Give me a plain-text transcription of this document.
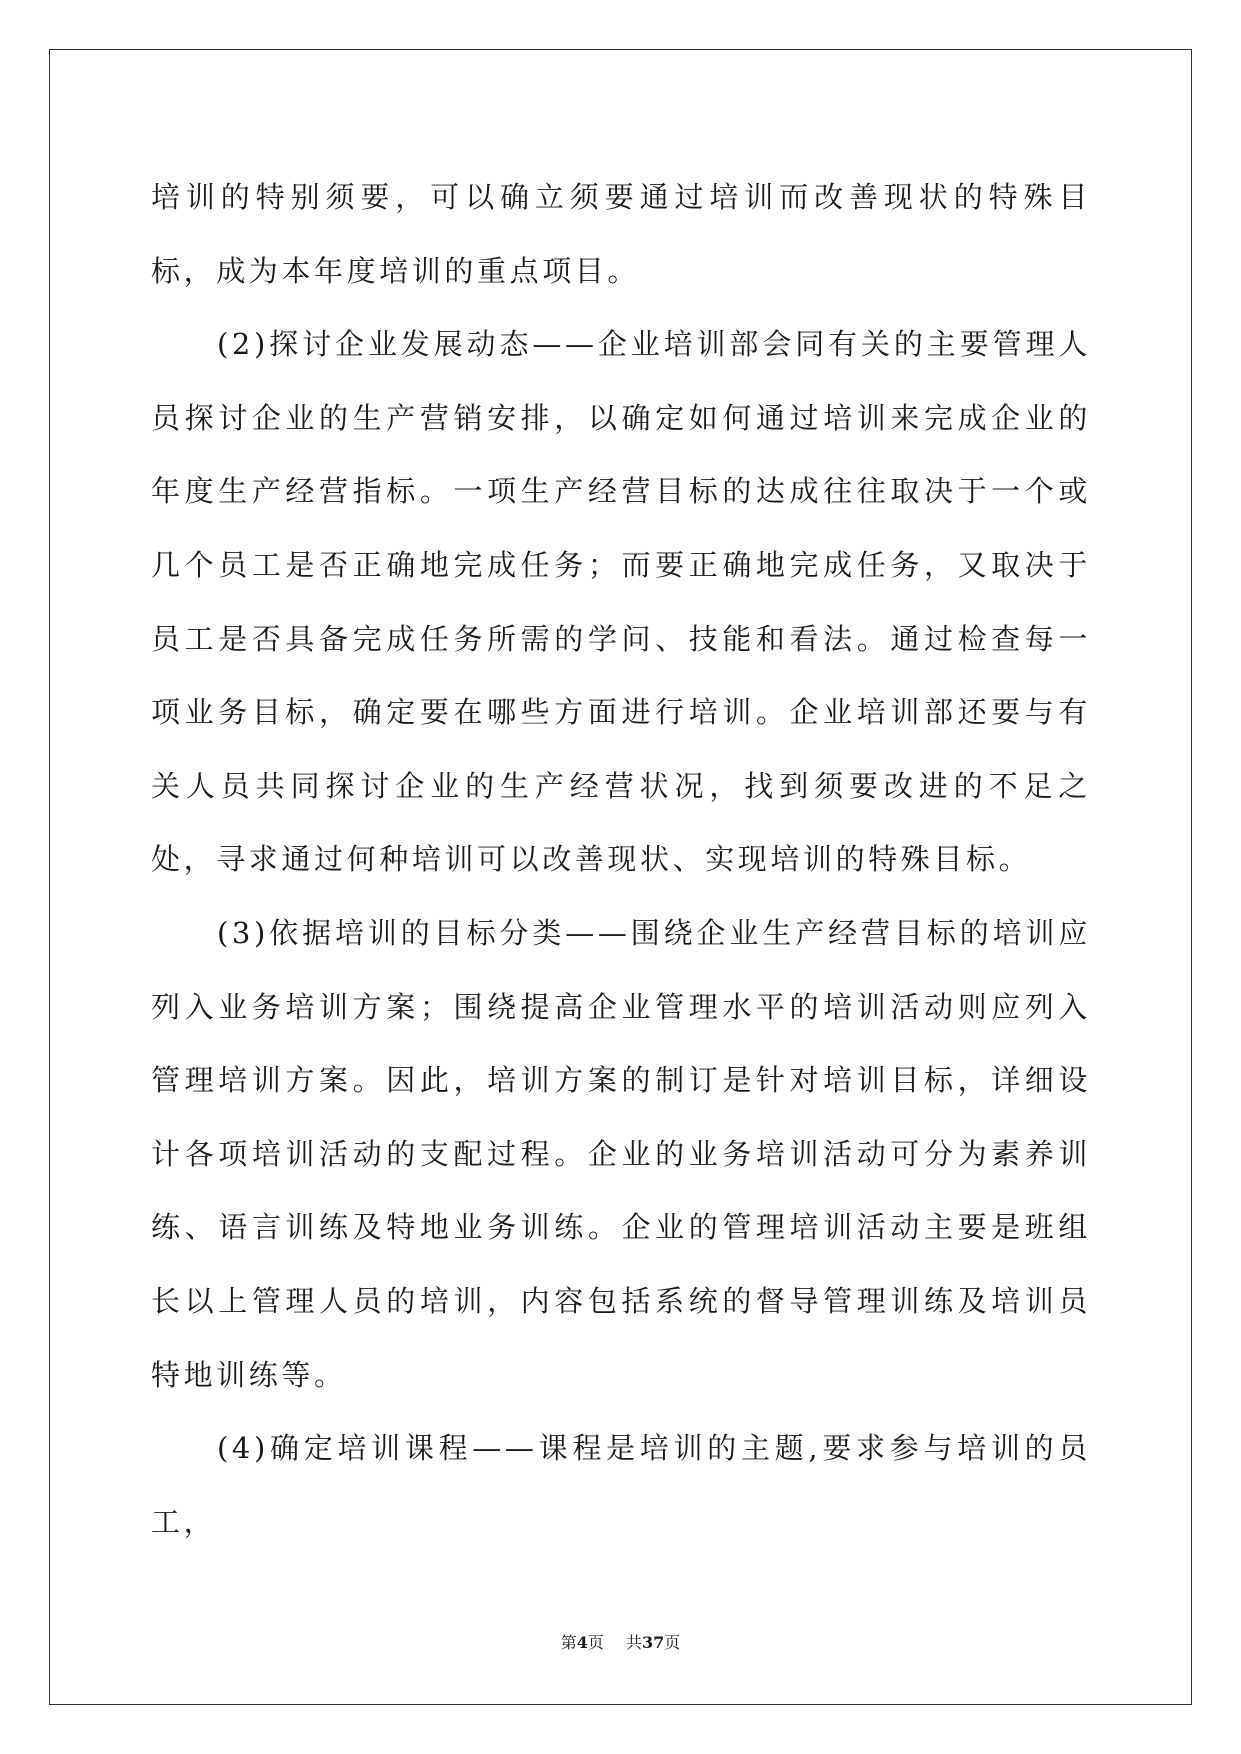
培训的特别须要，可以确立须要通过培训而改善现状的特殊目标，成为本年度培训的重点项目。

(2)探讨企业发展动态——企业培训部会同有关的主要管理人员探讨企业的生产营销安排，以确定如何通过培训来完成企业的年度生产经营指标。一项生产经营目标的达成往往取决于一个或几个员工是否正确地完成任务；而要正确地完成任务，又取决于员工是否具备完成任务所需的学问、技能和看法。通过检查每一项业务目标，确定要在哪些方面进行培训。企业培训部还要与有关人员共同探讨企业的生产经营状况，找到须要改进的不足之处，寻求通过何种培训可以改善现状、实现培训的特殊目标。

(3)依据培训的目标分类——围绕企业生产经营目标的培训应列入业务培训方案；围绕提高企业管理水平的培训活动则应列入管理培训方案。因此，培训方案的制订是针对培训目标，详细设计各项培训活动的支配过程。企业的业务培训活动可分为素养训练、语言训练及特地业务训练。企业的管理培训活动主要是班组长以上管理人员的培训，内容包括系统的督导管理训练及培训员特地训练等。

(4)确定培训课程——课程是培训的主题,要求参与培训的员工，

第4页 共37页
